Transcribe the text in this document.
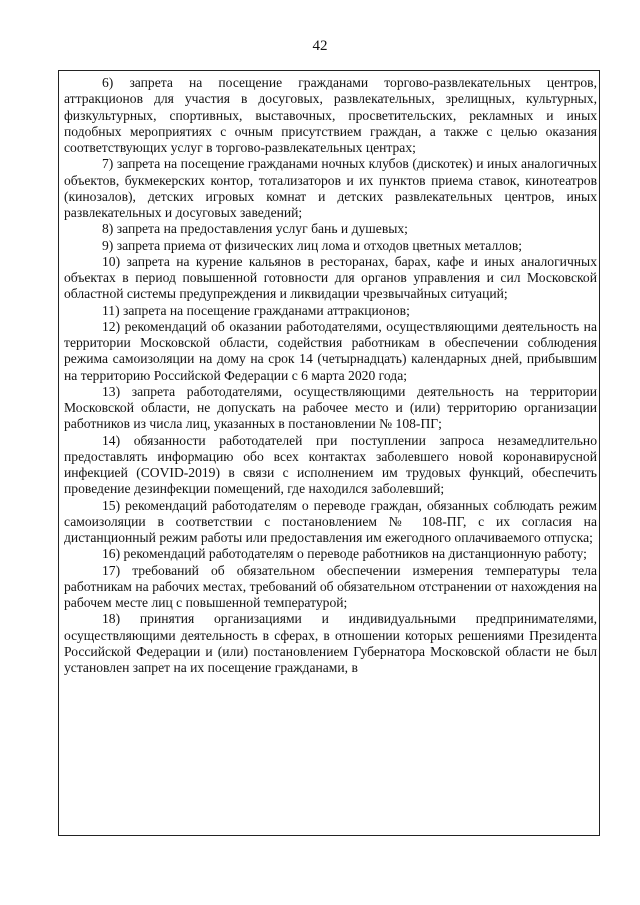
42

6) запрета на посещение гражданами торгово-развлекательных центров, аттракционов для участия в досуговых, развлекательных, зрелищных, культурных, физкультурных, спортивных, выставочных, просветительских, рекламных и иных подобных мероприятиях с очным присутствием граждан, а также с целью оказания соответствующих услуг в торгово-развлекательных центрах;

7) запрета на посещение гражданами ночных клубов (дискотек) и иных аналогичных объектов, букмекерских контор, тотализаторов и их пунктов приема ставок, кинотеатров (кинозалов), детских игровых комнат и детских развлекательных центров, иных развлекательных и досуговых заведений;

8) запрета на предоставления услуг бань и душевых;

9) запрета приема от физических лиц лома и отходов цветных металлов;

10) запрета на курение кальянов в ресторанах, барах, кафе и иных аналогичных объектах в период повышенной готовности для органов управления и сил Московской областной системы предупреждения и ликвидации чрезвычайных ситуаций;

11) запрета на посещение гражданами аттракционов;

12) рекомендаций об оказании работодателями, осуществляющими деятельность на территории Московской области, содействия работникам в обеспечении соблюдения режима самоизоляции на дому на срок 14 (четырнадцать) календарных дней, прибывшим на территорию Российской Федерации с 6 марта 2020 года;

13) запрета работодателями, осуществляющими деятельность на территории Московской области, не допускать на рабочее место и (или) территорию организации работников из числа лиц, указанных в постановлении № 108-ПГ;

14) обязанности работодателей при поступлении запроса незамедлительно предоставлять информацию обо всех контактах заболевшего новой коронавирусной инфекцией (COVID-2019) в связи с исполнением им трудовых функций, обеспечить проведение дезинфекции помещений, где находился заболевший;

15) рекомендаций работодателям о переводе граждан, обязанных соблюдать режим самоизоляции в соответствии с постановлением № 108-ПГ, с их согласия на дистанционный режим работы или предоставления им ежегодного оплачиваемого отпуска;

16) рекомендаций работодателям о переводе работников на дистанционную работу;

17) требований об обязательном обеспечении измерения температуры тела работникам на рабочих местах, требований об обязательном отстранении от нахождения на рабочем месте лиц с повышенной температурой;

18) принятия организациями и индивидуальными предпринимателями, осуществляющими деятельность в сферах, в отношении которых решениями Президента Российской Федерации и (или) постановлением Губернатора Московской области не был установлен запрет на их посещение гражданами, в
